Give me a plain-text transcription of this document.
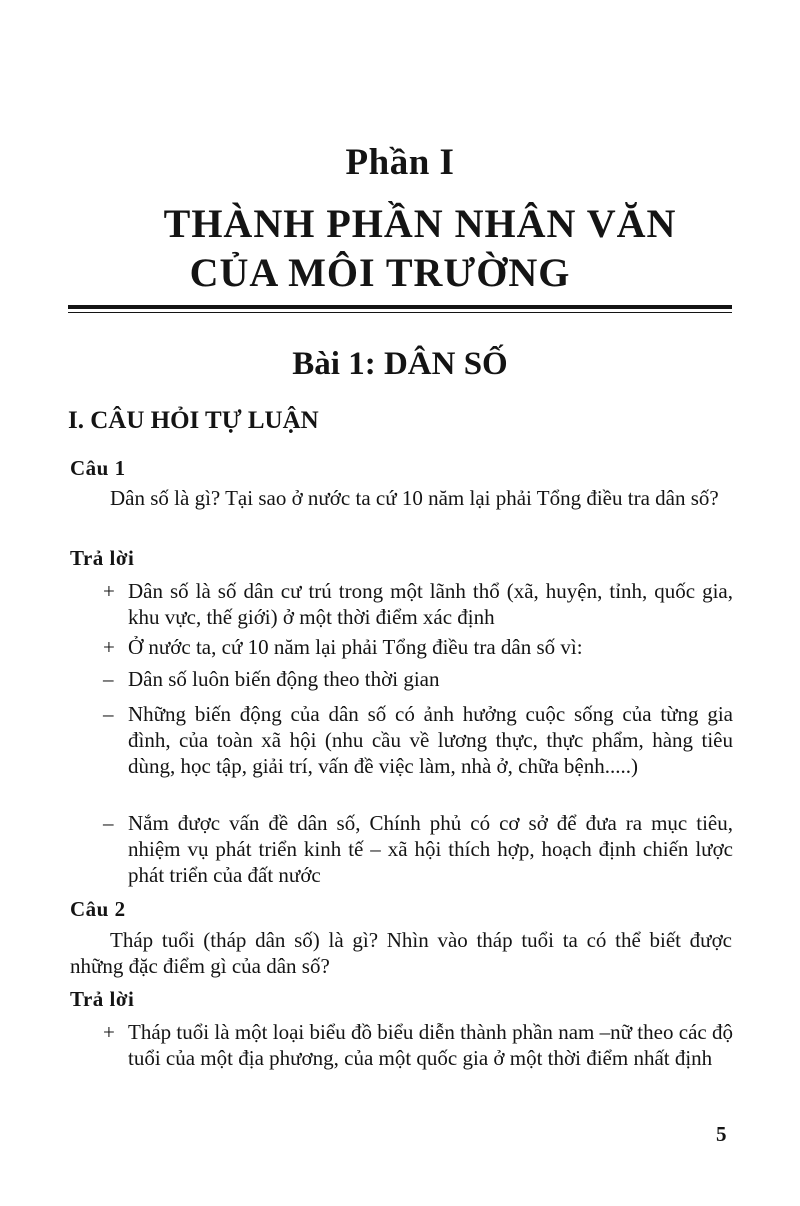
Phần I
THÀNH PHẦN NHÂN VĂN
CỦA MÔI TRƯỜNG
Bài 1: DÂN SỐ
I. CÂU HỎI TỰ LUẬN
Câu 1
Dân số là gì? Tại sao ở nước ta cứ 10 năm lại phải Tổng điều tra dân số?
Trả lời
+ Dân số là số dân cư trú trong một lãnh thổ (xã, huyện, tỉnh, quốc gia, khu vực, thế giới) ở một thời điểm xác định
+ Ở nước ta, cứ 10 năm lại phải Tổng điều tra dân số vì:
– Dân số luôn biến động theo thời gian
– Những biến động của dân số có ảnh hưởng cuộc sống của từng gia đình, của toàn xã hội (nhu cầu về lương thực, thực phẩm, hàng tiêu dùng, học tập, giải trí, vấn đề việc làm, nhà ở, chữa bệnh.....)
– Nắm được vấn đề dân số, Chính phủ có cơ sở để đưa ra mục tiêu, nhiệm vụ phát triển kinh tế – xã hội thích hợp, hoạch định chiến lược phát triển của đất nước
Câu 2
Tháp tuổi (tháp dân số) là gì? Nhìn vào tháp tuổi ta có thể biết được những đặc điểm gì của dân số?
Trả lời
+ Tháp tuổi là một loại biểu đồ biểu diễn thành phần nam –nữ theo các độ tuổi của một địa phương, của một quốc gia ở một thời điểm nhất định
5
